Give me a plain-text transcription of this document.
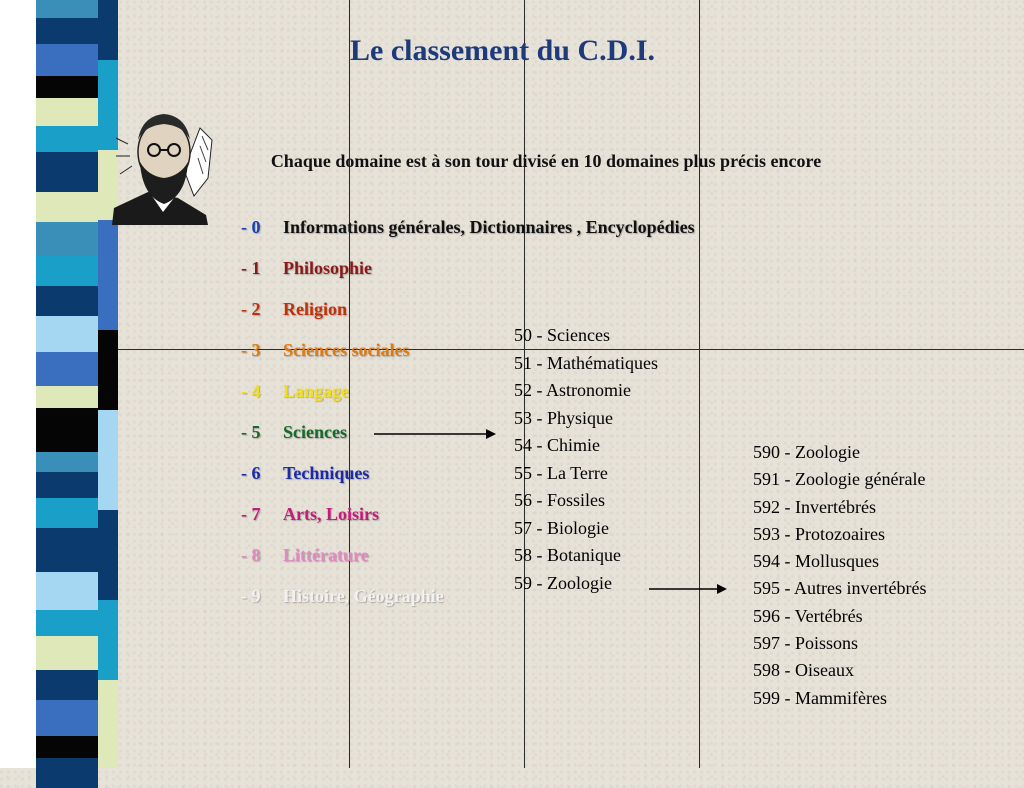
Le classement du C.D.I.
Chaque domaine est à son tour divisé en 10 domaines plus précis encore
- 0 Informations générales, Dictionnaires , Encyclopédies
- 1 Philosophie
- 2 Religion
- 3 Sciences sociales
- 4 Langage
- 5 Sciences
- 6 Techniques
- 7 Arts, Loisirs
- 8 Littérature
- 9 Histoire, Géographie
50 - Sciences
51 - Mathématiques
52 - Astronomie
53 - Physique
54 - Chimie
55 - La Terre
56 - Fossiles
57 - Biologie
58 - Botanique
59 - Zoologie
590 - Zoologie
591 - Zoologie générale
592 - Invertébrés
593 - Protozoaires
594 - Mollusques
595 - Autres invertébrés
596 - Vertébrés
597 - Poissons
598 - Oiseaux
599 - Mammifères
